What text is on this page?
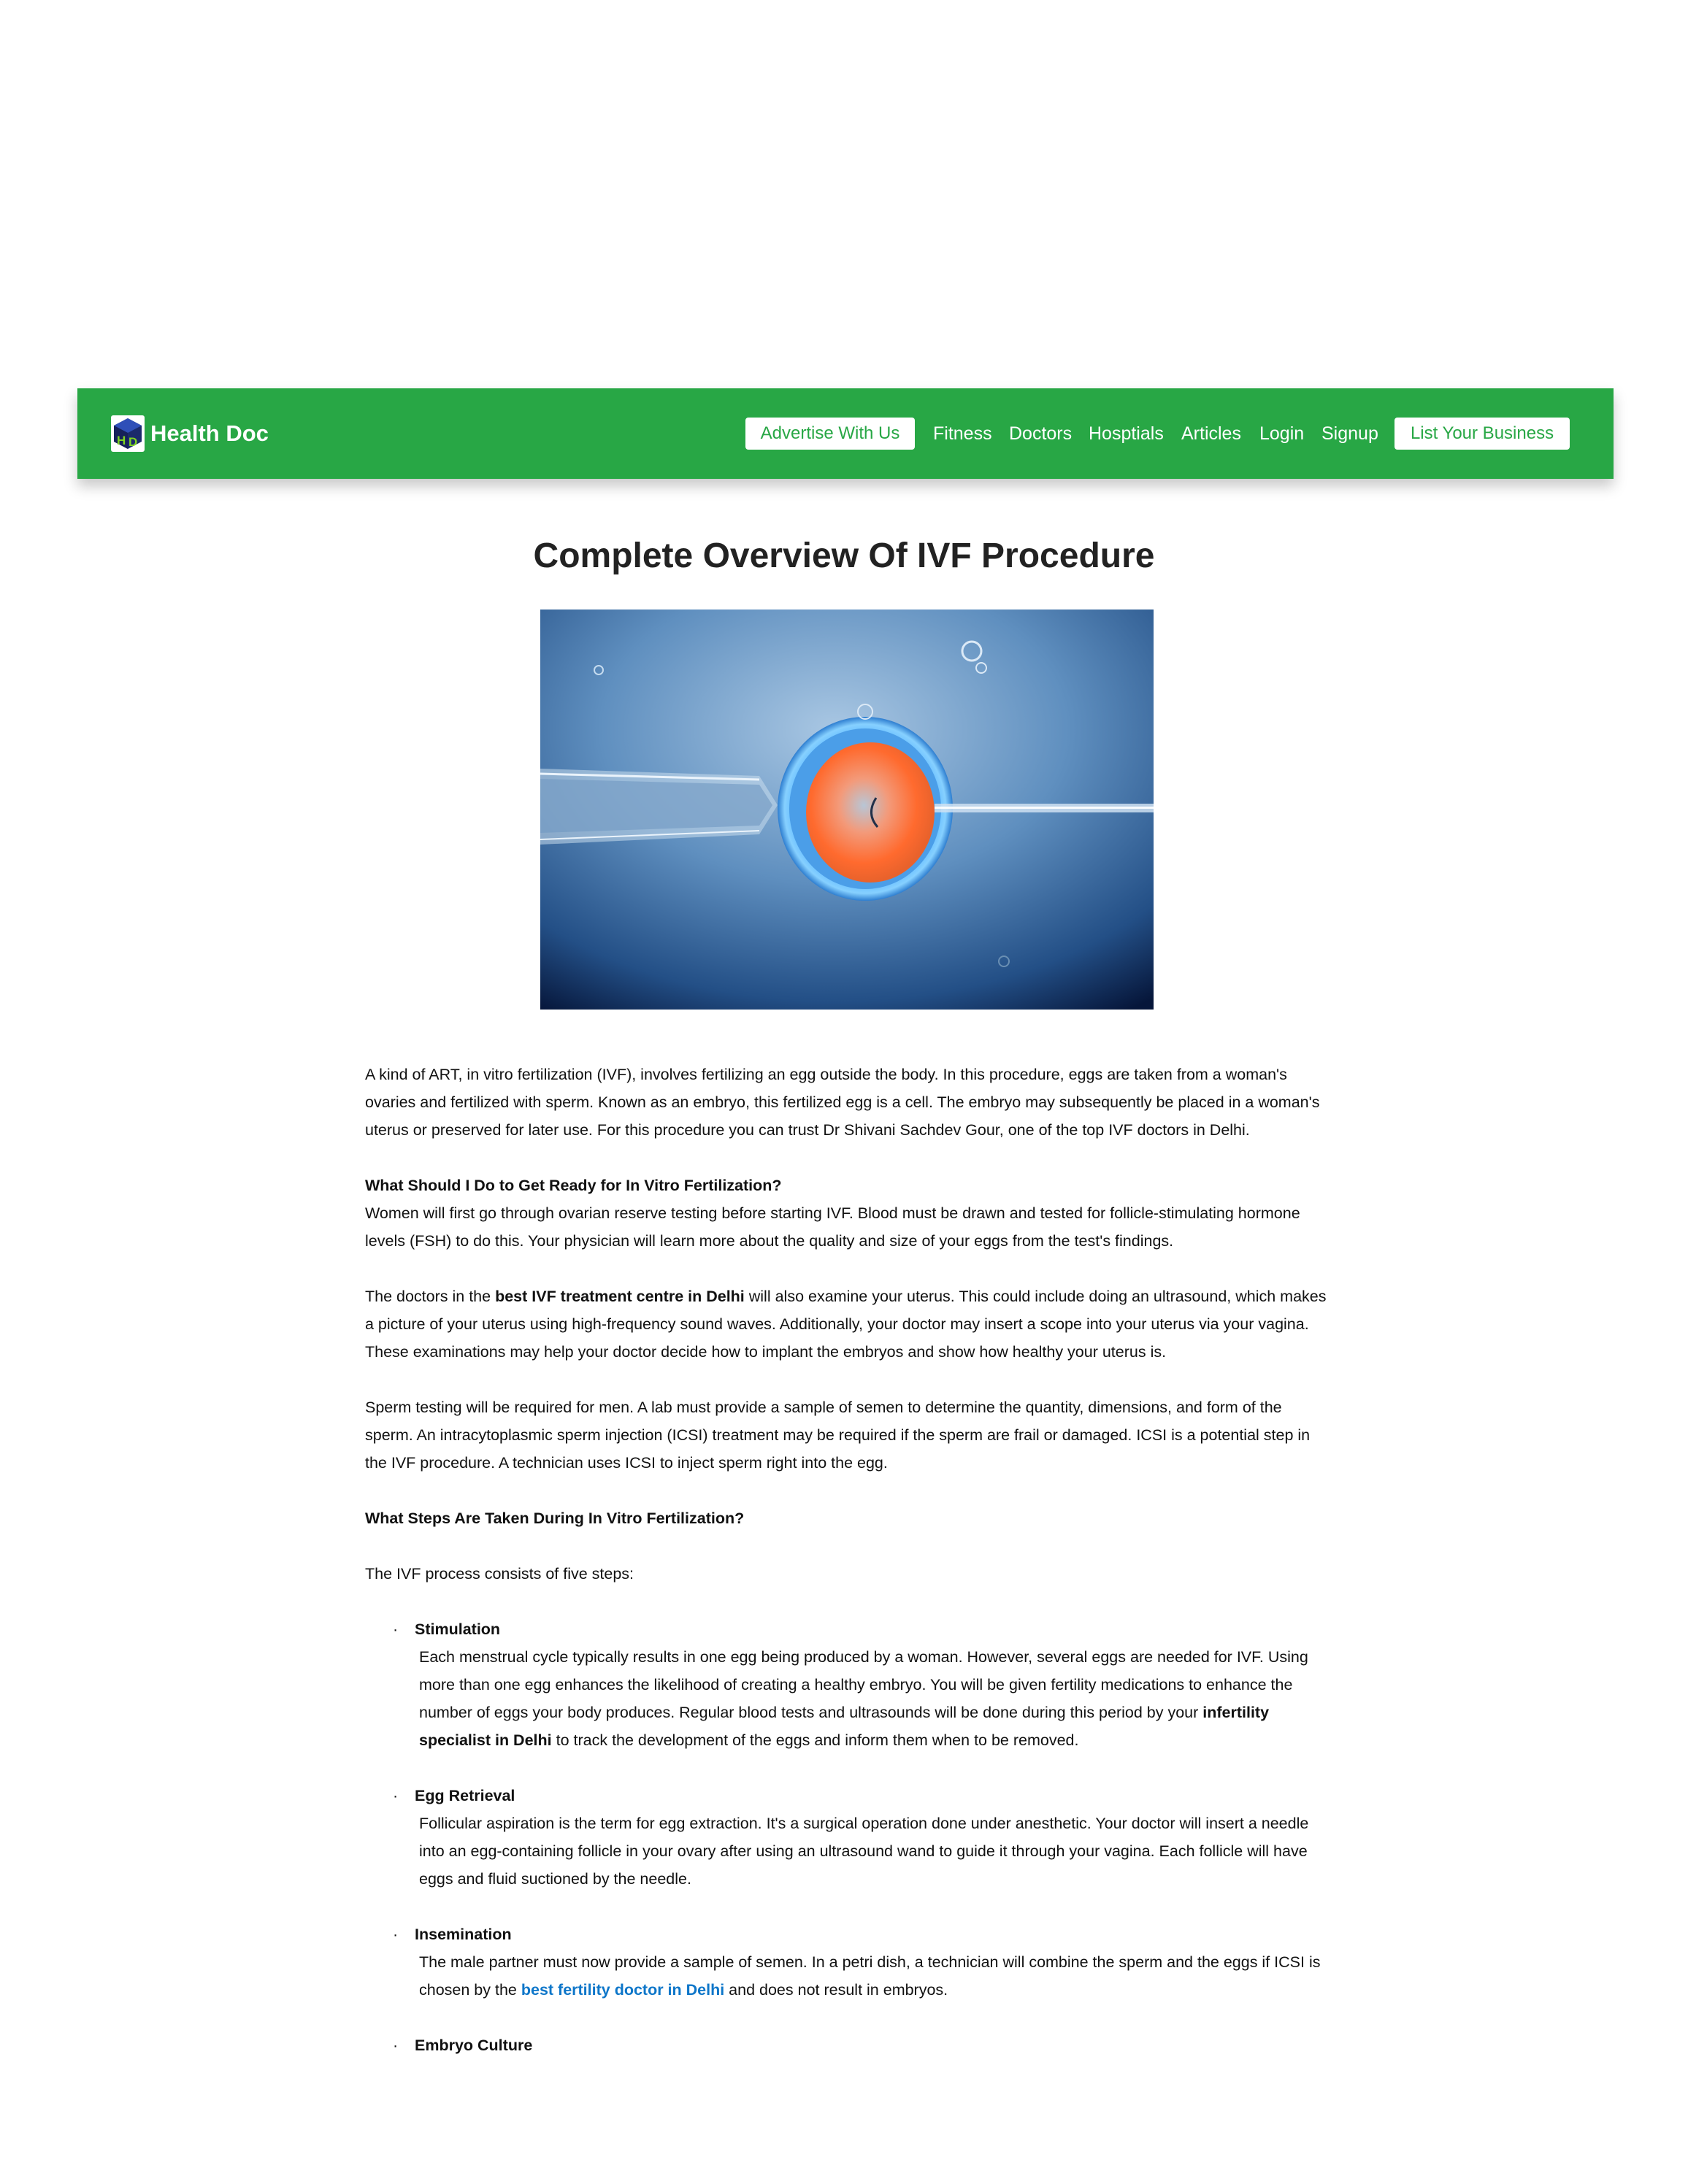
H D Health Doc	Advertise With Us	Fitness Doctors Hosptials Articles Login Signup	List Your Business
Complete Overview Of IVF Procedure

A kind of ART, in vitro fertilization (IVF), involves fertilizing an egg outside the body. In this procedure, eggs are taken from a woman's ovaries and fertilized with sperm. Known as an embryo, this fertilized egg is a cell. The embryo may subsequently be placed in a woman's uterus or preserved for later use. For this procedure you can trust Dr Shivani Sachdev Gour, one of the top IVF doctors in Delhi.

What Should I Do to Get Ready for In Vitro Fertilization?

Women will first go through ovarian reserve testing before starting IVF. Blood must be drawn and tested for follicle-stimulating hormone levels (FSH) to do this. Your physician will learn more about the quality and size of your eggs from the test's findings.

The doctors in the best IVF treatment centre in Delhi will also examine your uterus. This could include doing an ultrasound, which makes a picture of your uterus using high-frequency sound waves. Additionally, your doctor may insert a scope into your uterus via your vagina. These examinations may help your doctor decide how to implant the embryos and show how healthy your uterus is.

Sperm testing will be required for men. A lab must provide a sample of semen to determine the quantity, dimensions, and form of the sperm. An intracytoplasmic sperm injection (ICSI) treatment may be required if the sperm are frail or damaged. ICSI is a potential step in the IVF procedure. A technician uses ICSI to inject sperm right into the egg.

What Steps Are Taken During In Vitro Fertilization?

The IVF process consists of five steps:

· Stimulation
Each menstrual cycle typically results in one egg being produced by a woman. However, several eggs are needed for IVF. Using more than one egg enhances the likelihood of creating a healthy embryo. You will be given fertility medications to enhance the number of eggs your body produces. Regular blood tests and ultrasounds will be done during this period by your infertility specialist in Delhi to track the development of the eggs and inform them when to be removed.
· Egg Retrieval
Follicular aspiration is the term for egg extraction. It's a surgical operation done under anesthetic. Your doctor will insert a needle into an egg-containing follicle in your ovary after using an ultrasound wand to guide it through your vagina. Each follicle will have eggs and fluid suctioned by the needle.
· Insemination
The male partner must now provide a sample of semen. In a petri dish, a technician will combine the sperm and the eggs if ICSI is chosen by the best fertility doctor in Delhi and does not result in embryos.
· Embryo Culture
